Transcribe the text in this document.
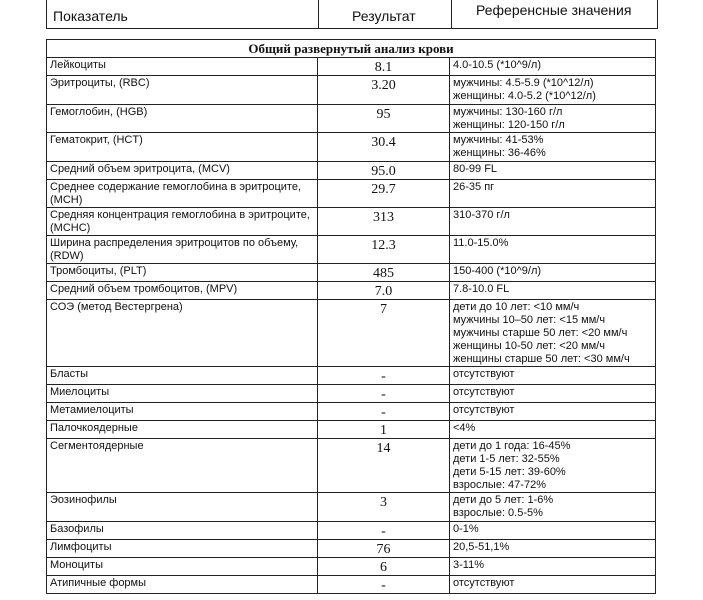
Показатель	Результат	Референсные значения
Общий развернутый анализ крови		
Лейкоциты	8.1	4.0-10.5 (*10^9/л)

Эритроциты, (RBC)	3.20	мужчины: 4.5-5.9 (*10^12/л)
женщины: 4.0-5.2 (*10^12/л)

Гемоглобин, (HGB)	95	мужчины: 130-160 г/л
женщины: 120-150 г/л

Гематокрит, (HCT)	30.4	мужчины: 41-53%
женщины: 36-46%

Средний объем эритроцита, (MCV)	95.0	80-99 FL

Среднее содержание гемоглобина в эритроците, (MCH)	29.7	26-35 пг

Средняя концентрация гемоглобина в эритроците, (MCHC)	313	310-370 г/л

Ширина распределения эритроцитов по объему, (RDW)	12.3	11.0-15.0%

Тромбоциты, (PLT)	485	150-400 (*10^9/л)

Средний объем тромбоцитов, (MPV)	7.0	7.8-10.0 FL

СОЭ (метод Вестергрена)	7	дети до 10 лет: <10 мм/ч
мужчины 10–50 лет: <15 мм/ч
мужчины старше 50 лет: <20 мм/ч
женщины 10-50 лет: <20 мм/ч
женщины старше 50 лет: <30 мм/ч

Бласты	-	отсутствуют

Миелоциты	-	отсутствуют

Метамиелоциты	-	отсутствуют

Палочкоядерные	1	<4%

Сегментоядерные	14	дети до 1 года: 16-45%
дети 1-5 лет: 32-55%
дети 5-15 лет: 39-60%
взрослые: 47-72%

Эозинофилы	3	дети до 5 лет: 1-6%
взрослые: 0.5-5%

Базофилы	-	0-1%

Лимфоциты	76	20,5-51,1%

Моноциты	6	3-11%

Атипичные формы	-	отсутствуют
